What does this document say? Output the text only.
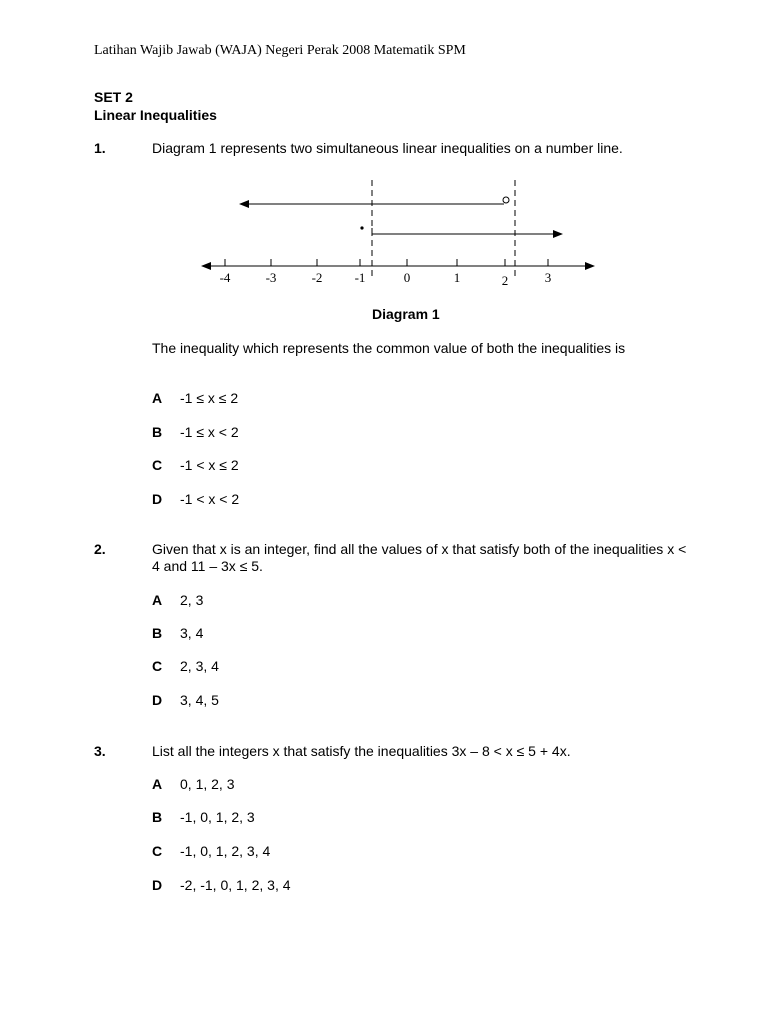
Latihan Wajib Jawab (WAJA) Negeri Perak 2008 Matematik SPM
SET 2
Linear Inequalities
1.	Diagram 1 represents two simultaneous linear inequalities on a number line.
-4	-3	-2 -1	0	1	2	3
Diagram 1
The inequality which represents the common value of both the inequalities is
A -1 ≤ x ≤ 2
B -1 ≤ x < 2
C -1 < x ≤ 2
D -1 < x < 2
2.	Given that x is an integer, find all the values of x that satisfy both of the inequalities x < 4 and 11 – 3x ≤ 5.
A 2, 3
B 3, 4
C 2, 3, 4
D 3, 4, 5
3.	List all the integers x that satisfy the inequalities 3x – 8 < x ≤ 5 + 4x.
A 0, 1, 2, 3
B -1, 0, 1, 2, 3
C -1, 0, 1, 2, 3, 4
D -2, -1, 0, 1, 2, 3, 4
